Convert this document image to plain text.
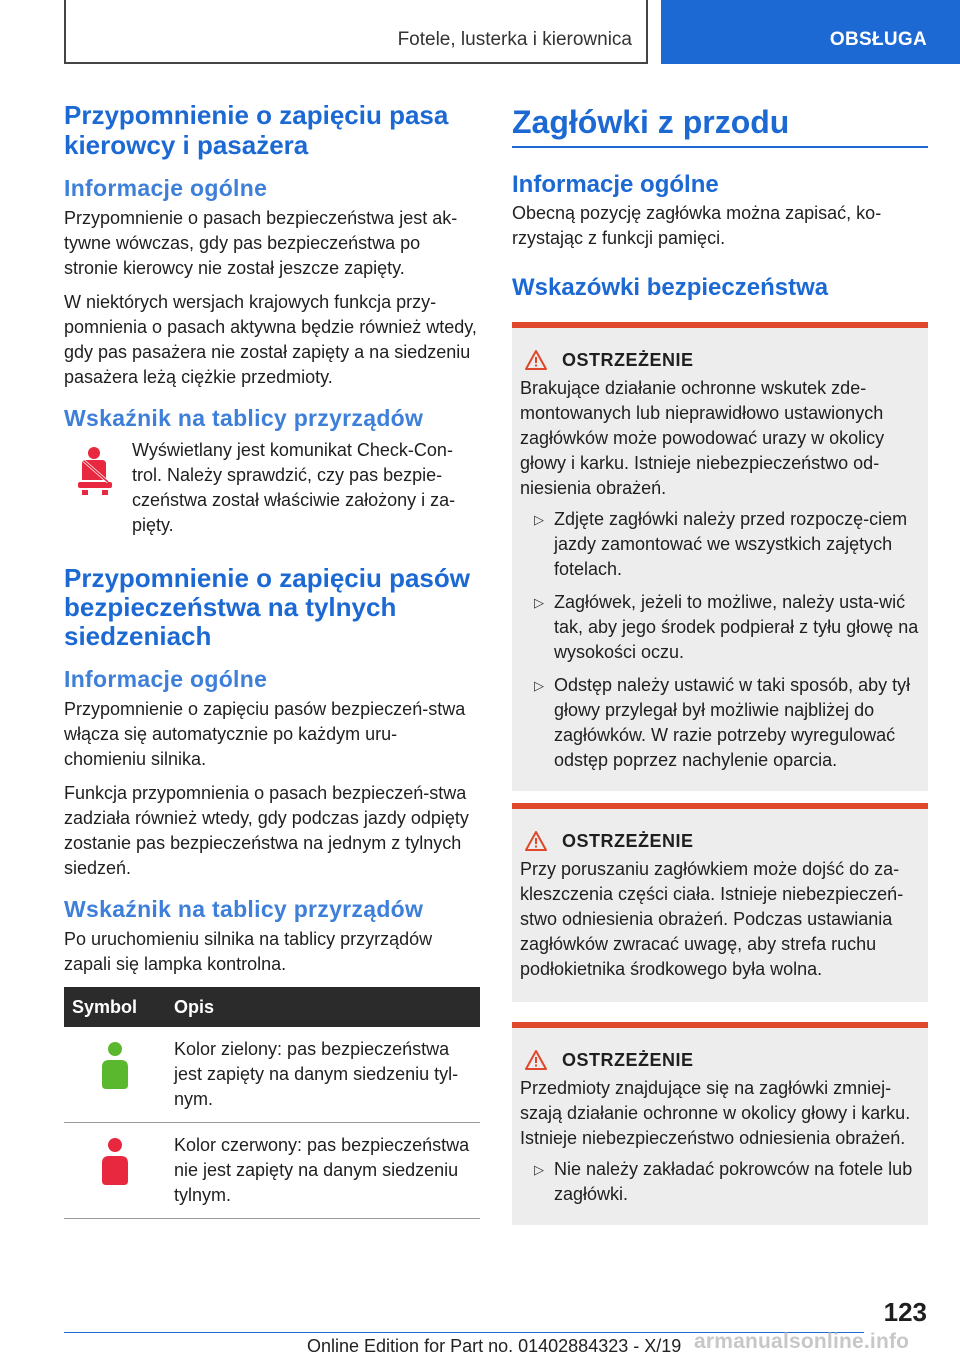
Fotele, lusterka i kierownica	OBSŁUGA
Przypomnienie o zapięciu pasa kierowcy i pasażera
Informacje ogólne

Przypomnienie o pasach bezpieczeństwa jest ak-tywne wówczas, gdy pas bezpieczeństwa po stronie kierowcy nie został jeszcze zapięty.

W niektórych wersjach krajowych funkcja przy-pomnienia o pasach aktywna będzie również wtedy, gdy pas pasażera nie został zapięty a na siedzeniu pasażera leżą ciężkie przedmioty.

Wskaźnik na tablicy przyrządów

Wyświetlany jest komunikat Check-Con-trol. Należy sprawdzić, czy pas bezpie-czeństwa został właściwie założony i za-pięty.

Przypomnienie o zapięciu pasów bezpieczeństwa na tylnych siedzeniach
Informacje ogólne

Przypomnienie o zapięciu pasów bezpieczeń-stwa włącza się automatycznie po każdym uru-chomieniu silnika.

Funkcja przypomnienia o pasach bezpieczeń-stwa zadziała również wtedy, gdy podczas jazdy odpięty zostanie pas bezpieczeństwa na jednym z tylnych siedzeń.

Wskaźnik na tablicy przyrządów

Po uruchomieniu silnika na tablicy przyrządów zapali się lampka kontrolna.

Symbol	Opis

	Kolor zielony: pas bezpieczeństwa jest zapięty na danym siedzeniu tyl-nym.

	Kolor czerwony: pas bezpieczeństwa nie jest zapięty na danym siedzeniu tylnym.
Zagłówki z przodu
Informacje ogólne

Obecną pozycję zagłówka można zapisać, ko-rzystając z funkcji pamięci.

Wskazówki bezpieczeństwa
OSTRZEŻENIE

Brakujące działanie ochronne wskutek zde-montowanych lub nieprawidłowo ustawionych zagłówków może powodować urazy w okolicy głowy i karku. Istnieje niebezpieczeństwo od-niesienia obrażeń.

▷ Zdjęte zagłówki należy przed rozpoczę-ciem jazdy zamontować we wszystkich zajętych fotelach.
▷ Zagłówek, jeżeli to możliwe, należy usta-wić tak, aby jego środek podpierał z tyłu głowę na wysokości oczu.
▷ Odstęp należy ustawić w taki sposób, aby tył głowy przylegał był możliwie najbliżej do zagłówków. W razie potrzeby wyregulować odstęp poprzez nachylenie oparcia.
OSTRZEŻENIE

Przy poruszaniu zagłówkiem może dojść do za-kleszczenia części ciała. Istnieje niebezpieczeń-stwo odniesienia obrażeń. Podczas ustawiania zagłówków zwracać uwagę, aby strefa ruchu podłokietnika środkowego była wolna.

OSTRZEŻENIE

Przedmioty znajdujące się na zagłówki zmniej-szają działanie ochronne w okolicy głowy i karku. Istnieje niebezpieczeństwo odniesienia obrażeń.

▷ Nie należy zakładać pokrowców na fotele lub zagłówki.
123
Online Edition for Part no. 01402884323 - X/19 armanualsonline.info
